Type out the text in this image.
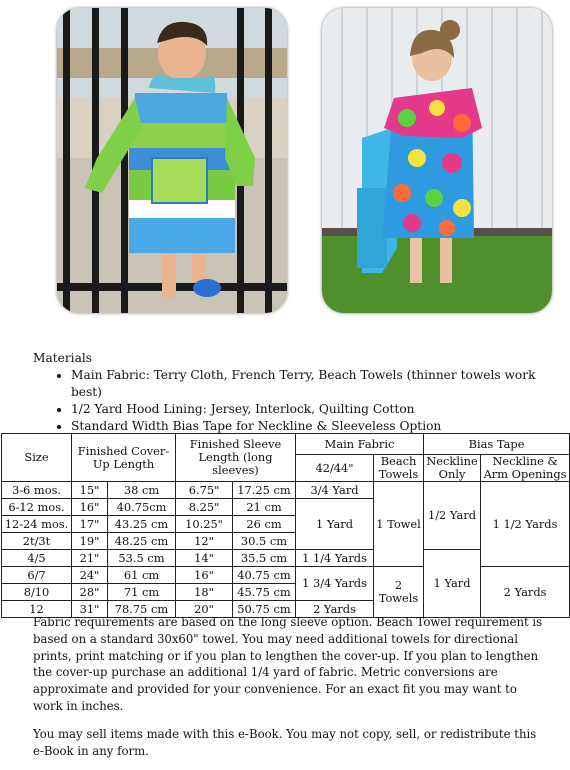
Materials
• Main Fabric: Terry Cloth, French Terry, Beach Towels (thinner towels work best)
• 1/2 Yard Hood Lining: Jersey, Interlock, Quilting Cotton
• Standard Width Bias Tape for Neckline & Sleeveless Option
Size	Finished Cover-Up Length		Finished Sleeve Length (long sleeves)		Main Fabric		Bias Tape	
					42/44"	Beach Towels	Neckline Only	Neckline & Arm Openings
3-6 mos.	15"	38 cm	6.75"	17.25 cm	3/4 Yard	1 Towel	1/2 Yard	1 1/2 Yards
6-12 mos.	16"	40.75cm	8.25"	21 cm	1 Yard			
12-24 mos.	17"	43.25 cm	10.25"	26 cm				
2t/3t	19"	48.25 cm	12"	30.5 cm				
4/5	21"	53.5 cm	14"	35.5 cm	1 1/4 Yards		1 Yard	
6/7	24"	61 cm	16"	40.75 cm	1 3/4 Yards	2 Towels		2 Yards
8/10	28"	71 cm	18"	45.75 cm				
12	31"	78.75 cm	20"	50.75 cm	2 Yards			

Fabric requirements are based on the long sleeve option. Beach Towel requirement is based on a standard 30x60" towel. You may need additional towels for directional prints, print matching or if you plan to lengthen the cover-up. If you plan to lengthen the cover-up purchase an additional 1/4 yard of fabric. Metric conversions are approximate and provided for your convenience. For an exact fit you may want to work in inches.

You may sell items made with this e-Book. You may not copy, sell, or redistribute this e-Book in any form.
